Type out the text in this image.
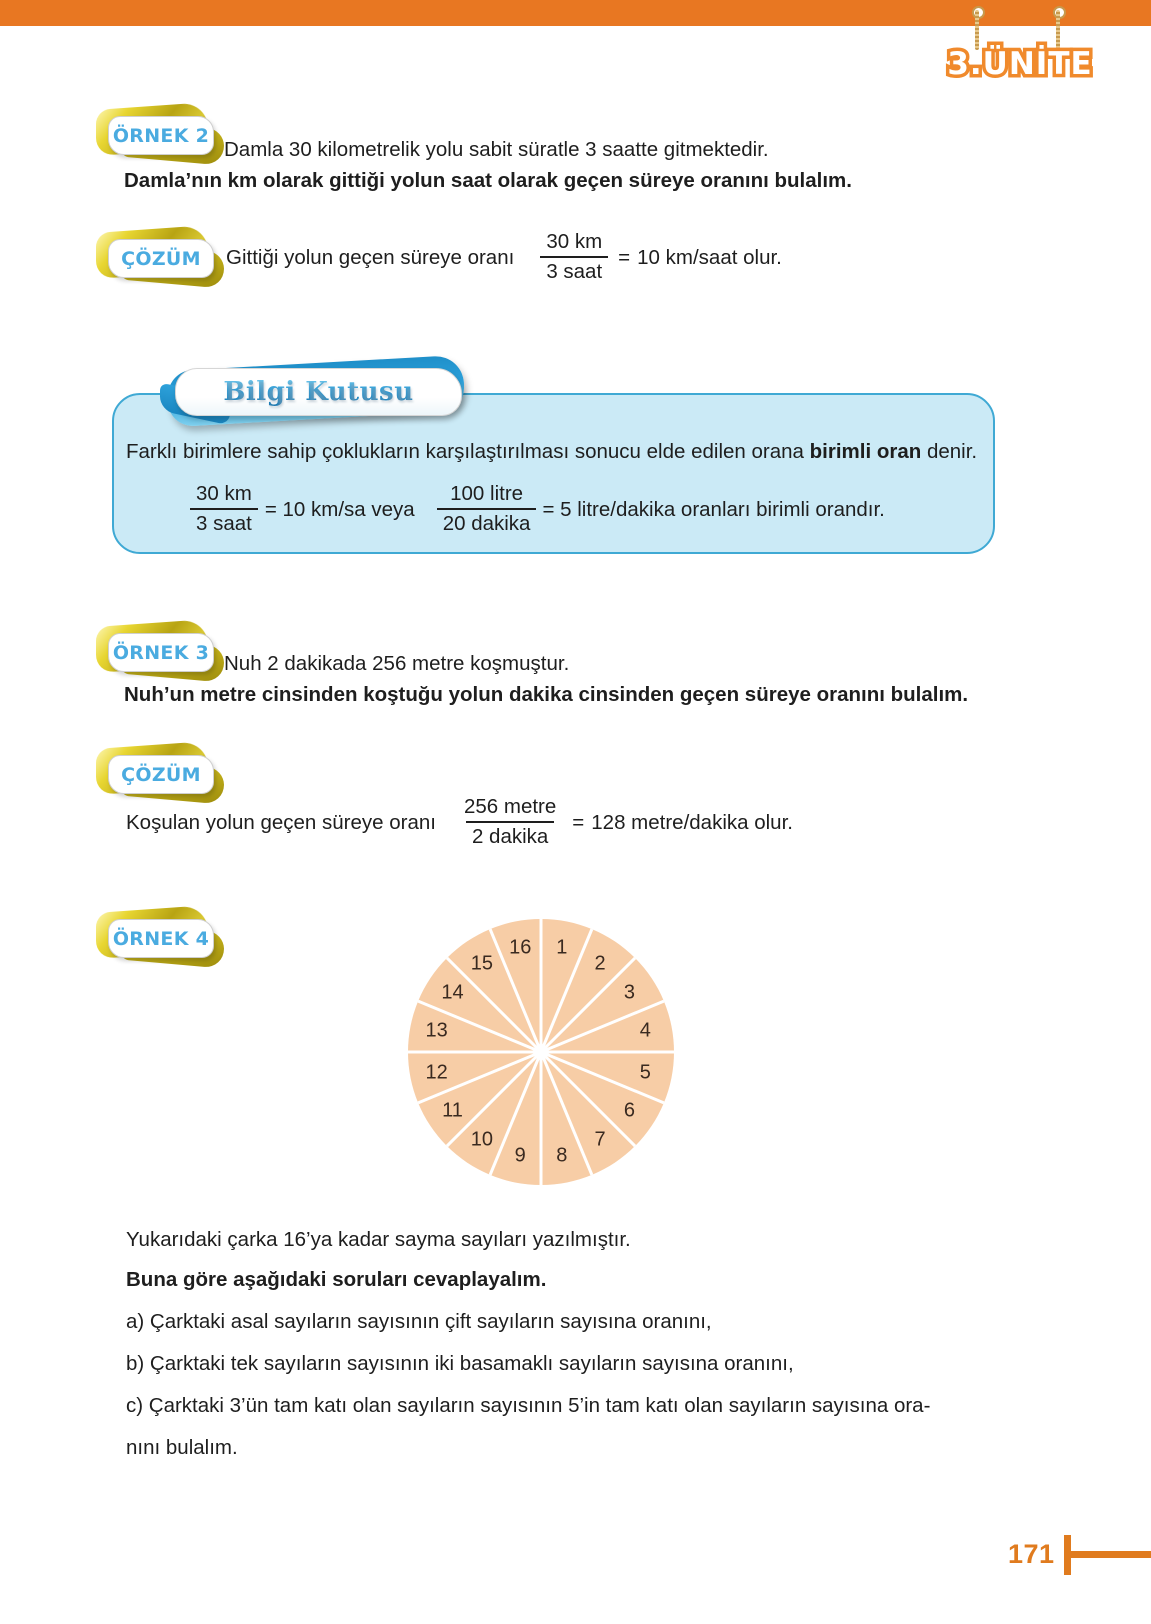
3.ÜNİTE
ÖRNEK 2
Damla 30 kilometrelik yolu sabit süratle 3 saatte gitmektedir.
Damla’nın km olarak gittiği yolun saat olarak geçen süreye oranını bulalım.
ÇÖZÜM Gittiği yolun geçen süreye oranı $\frac{30 km}{\text{3 saat}} = 10$ km/saat olur.
Bilgi Kutusu
Farklı birimlere sahip çoklukların karşılaştırılması sonucu elde edilen orana birimli oran denir.
$\frac{30 km}{\text{3 saat}} = 10$ km/sa veya $\frac{\text{100 litre}}{\text{20 dakika}} = 5$ litre/dakika oranları birimli orandır.
ÖRNEK 3 Nuh 2 dakikada 256 metre koşmuştur.
Nuh’un metre cinsinden koştuğu yolun dakika cinsinden geçen süreye oranını bulalım.
ÇÖZÜM
Koşulan yolun geçen süreye oranı $\frac{\text{256 metre}}{\text{2 dakika}} = 128$ metre/dakika olur.
ÖRNEK 4	1
2
3
4
5
6
7
8
9
10
11
12
13
14
15
16
Yukarıdaki çarka 16’ya kadar sayma sayıları yazılmıştır.
Buna göre aşağıdaki soruları cevaplayalım.
a) Çarktaki asal sayıların sayısının çift sayıların sayısına oranını,
b) Çarktaki tek sayıların sayısının iki basamaklı sayıların sayısına oranını,
c) Çarktaki 3’ün tam katı olan sayıların sayısının 5’in tam katı olan sayıların sayısına ora-
nını bulalım.
171
